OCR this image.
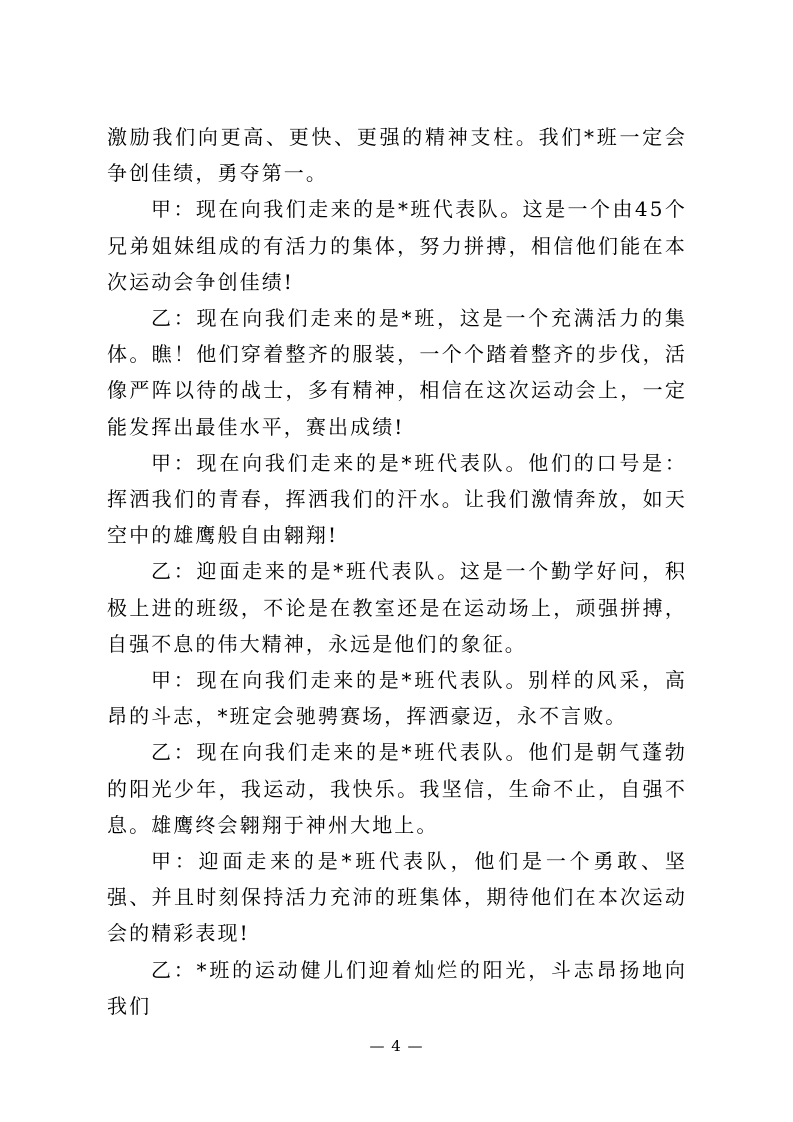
激励我们向更高、更快、更强的精神支柱。我们*班一定会争创佳绩，勇夺第一。

甲：现在向我们走来的是*班代表队。这是一个由45个兄弟姐妹组成的有活力的集体，努力拼搏，相信他们能在本次运动会争创佳绩!

乙：现在向我们走来的是*班，这是一个充满活力的集体。瞧！他们穿着整齐的服装，一个个踏着整齐的步伐，活像严阵以待的战士，多有精神，相信在这次运动会上，一定能发挥出最佳水平，赛出成绩!

甲：现在向我们走来的是*班代表队。他们的口号是：挥洒我们的青春，挥洒我们的汗水。让我们激情奔放，如天空中的雄鹰般自由翱翔!

乙：迎面走来的是*班代表队。这是一个勤学好问，积极上进的班级，不论是在教室还是在运动场上，顽强拼搏，自强不息的伟大精神，永远是他们的象征。

甲：现在向我们走来的是*班代表队。别样的风采，高昂的斗志，*班定会驰骋赛场，挥洒豪迈，永不言败。

乙：现在向我们走来的是*班代表队。他们是朝气蓬勃的阳光少年，我运动，我快乐。我坚信，生命不止，自强不息。雄鹰终会翱翔于神州大地上。

甲：迎面走来的是*班代表队，他们是一个勇敢、坚强、并且时刻保持活力充沛的班集体，期待他们在本次运动会的精彩表现!

乙：*班的运动健儿们迎着灿烂的阳光，斗志昂扬地向我们

— 4 —
